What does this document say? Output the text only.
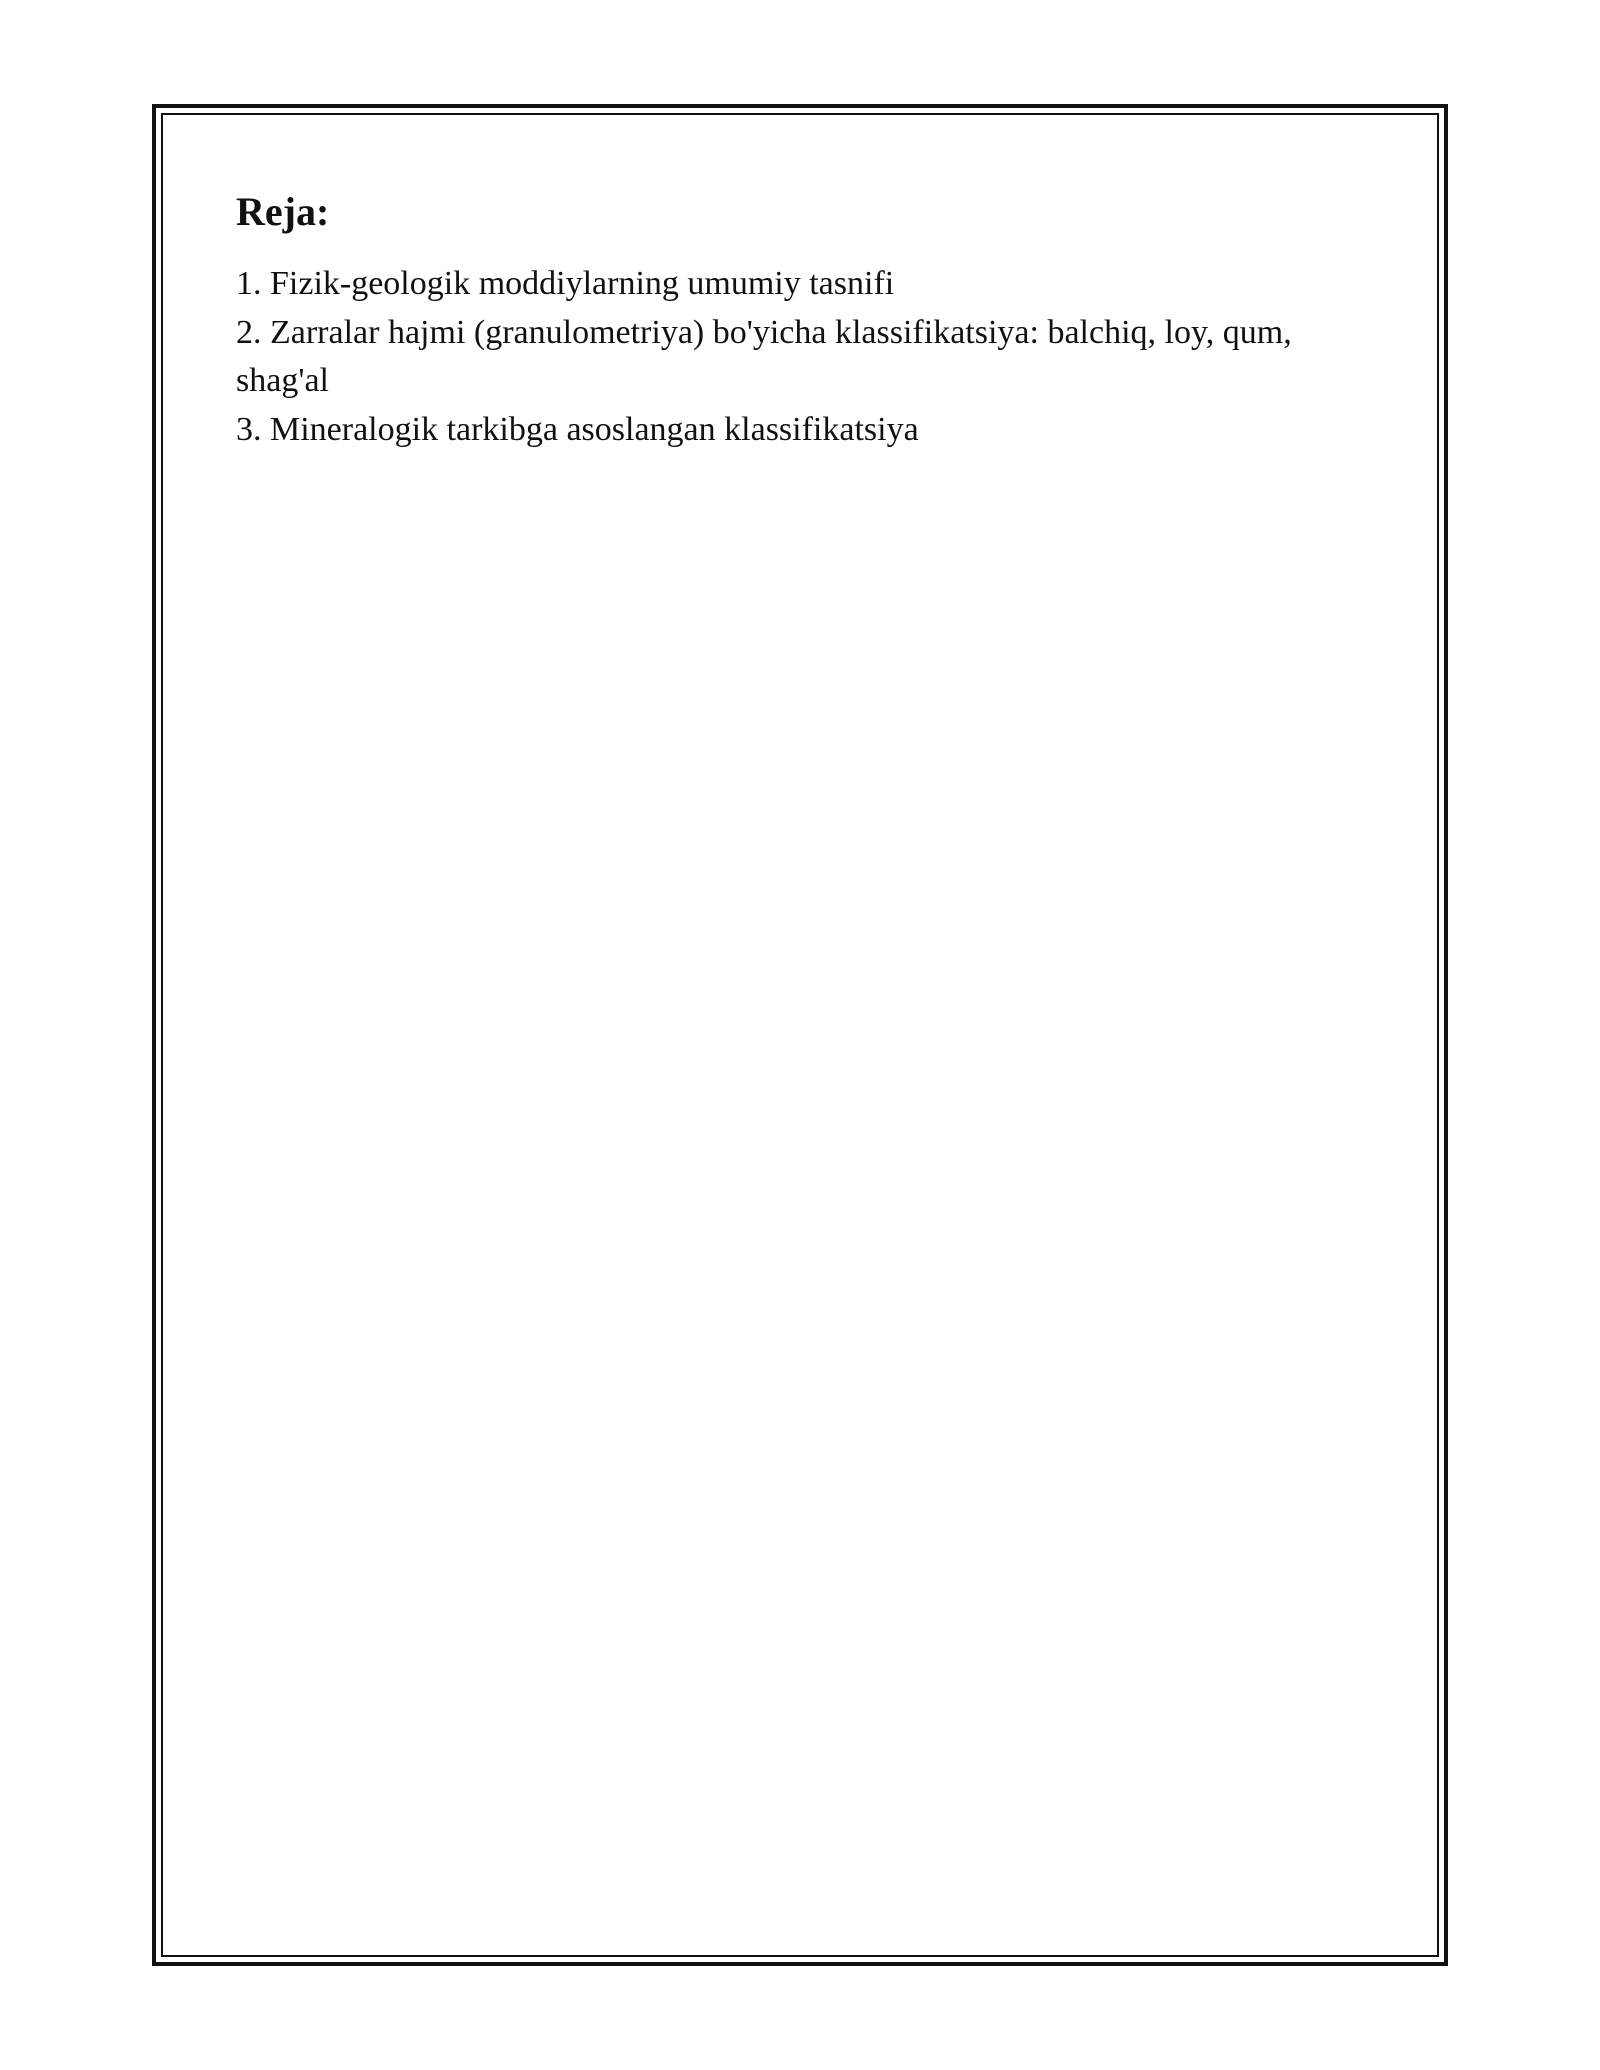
Reja:
1. Fizik-geologik moddiylarning umumiy tasnifi
2. Zarralar hajmi (granulometriya) bo'yicha klassifikatsiya: balchiq, loy, qum, shag'al
3. Mineralogik tarkibga asoslangan klassifikatsiya
